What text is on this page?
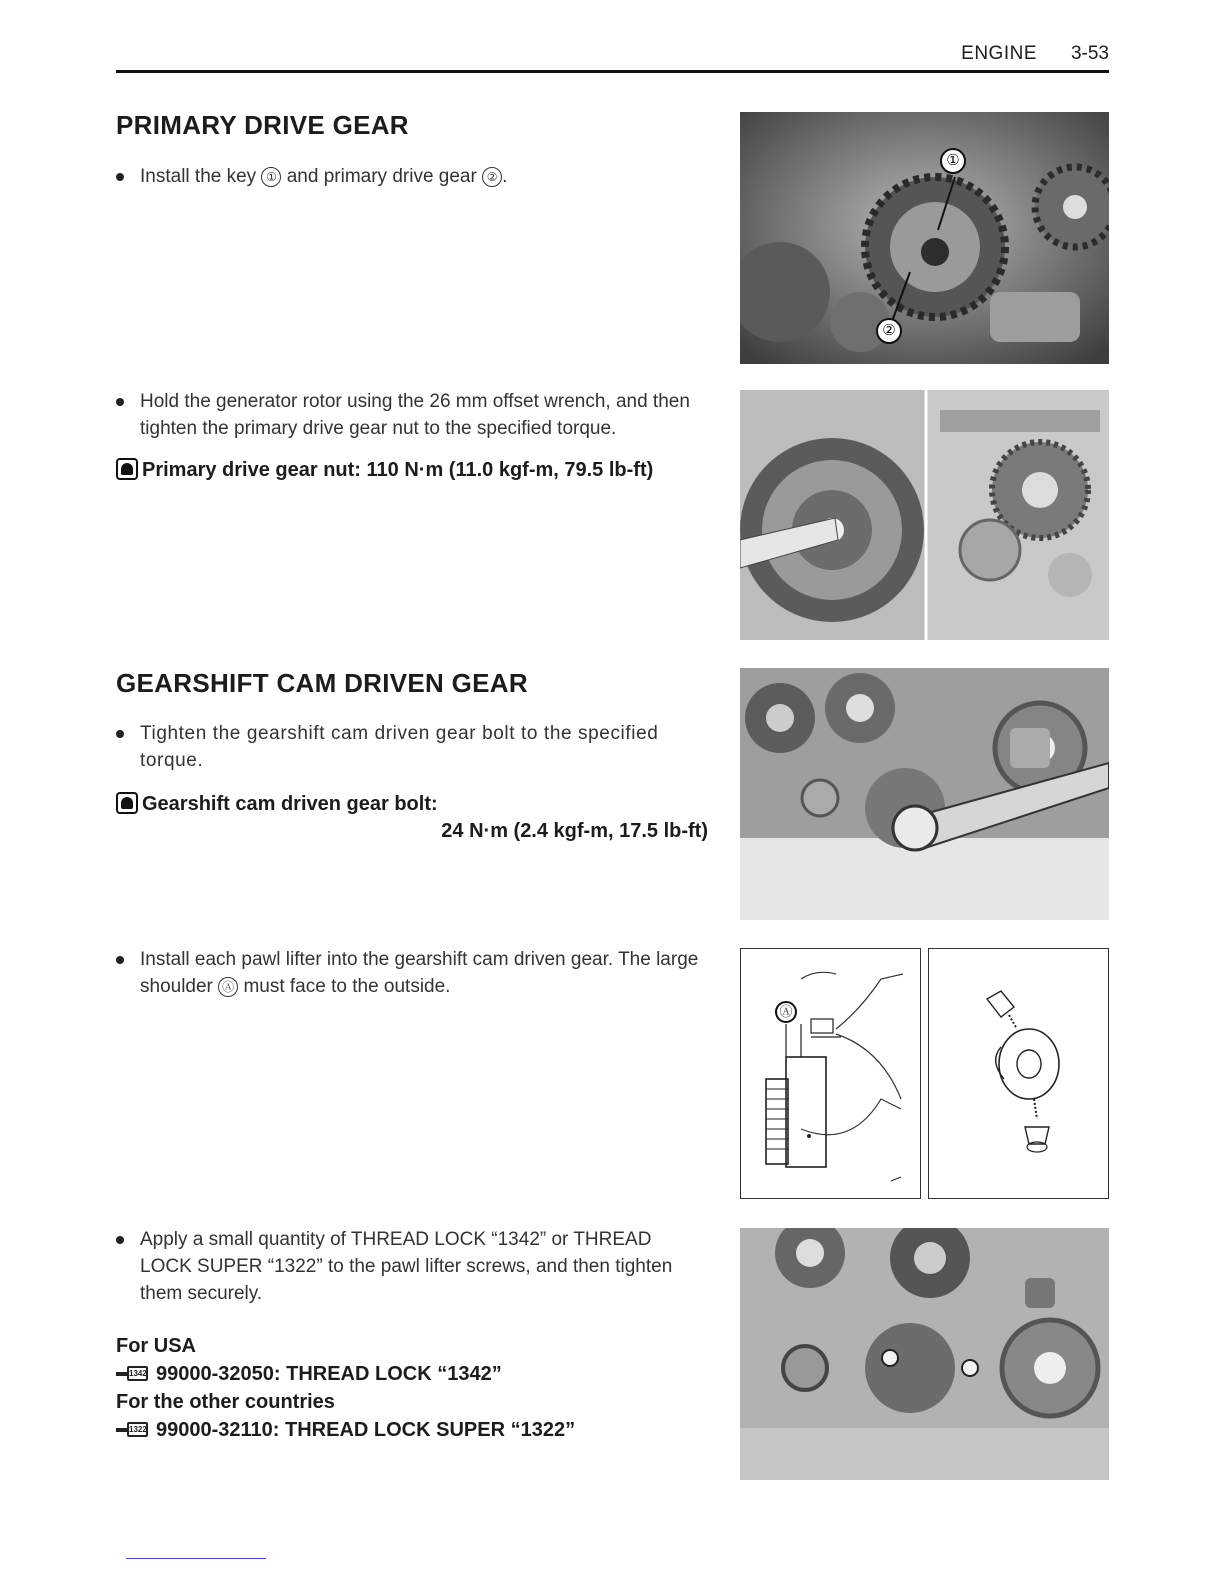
ENGINE 3-53
PRIMARY DRIVE GEAR
Install the key ① and primary drive gear ② .
Hold the generator rotor using the 26 mm offset wrench, and then tighten the primary drive gear nut to the specified torque.
Primary drive gear nut: 110 N·m (11.0 kgf-m, 79.5 lb-ft)
①
②
GEARSHIFT CAM DRIVEN GEAR
Tighten the gearshift cam driven gear bolt to the specified torque.
Gearshift cam driven gear bolt:
24 N·m (2.4 kgf-m, 17.5 lb-ft)
Install each pawl lifter into the gearshift cam driven gear. The large shoulder Ⓐ must face to the outside.
Ⓐ
Apply a small quantity of THREAD LOCK “1342” or THREAD LOCK SUPER “1322” to the pawl lifter screws, and then tighten them securely.
For USA
1342 99000-32050: THREAD LOCK “1342”
For the other countries
1322 99000-32110: THREAD LOCK SUPER “1322”
